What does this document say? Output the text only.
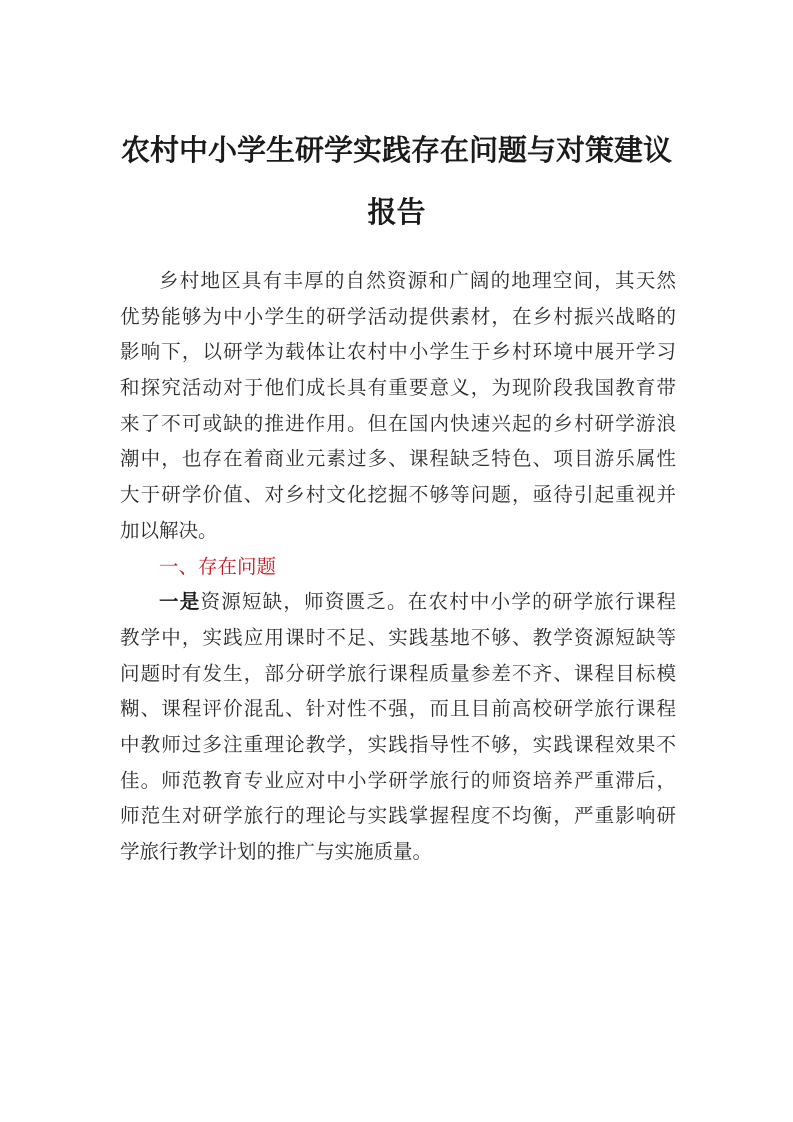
农村中小学生研学实践存在问题与对策建议
报告
乡村地区具有丰厚的自然资源和广阔的地理空间，其天然
优势能够为中小学生的研学活动提供素材，在乡村振兴战略的
影响下，以研学为载体让农村中小学生于乡村环境中展开学习
和探究活动对于他们成长具有重要意义，为现阶段我国教育带
来了不可或缺的推进作用。但在国内快速兴起的乡村研学游浪
潮中，也存在着商业元素过多、课程缺乏特色、项目游乐属性
大于研学价值、对乡村文化挖掘不够等问题，亟待引起重视并
加以解决。
一、存在问题
一是资源短缺，师资匮乏。在农村中小学的研学旅行课程
教学中，实践应用课时不足、实践基地不够、教学资源短缺等
问题时有发生，部分研学旅行课程质量参差不齐、课程目标模
糊、课程评价混乱、针对性不强，而且目前高校研学旅行课程
中教师过多注重理论教学，实践指导性不够，实践课程效果不
佳。师范教育专业应对中小学研学旅行的师资培养严重滞后，
师范生对研学旅行的理论与实践掌握程度不均衡，严重影响研
学旅行教学计划的推广与实施质量。
